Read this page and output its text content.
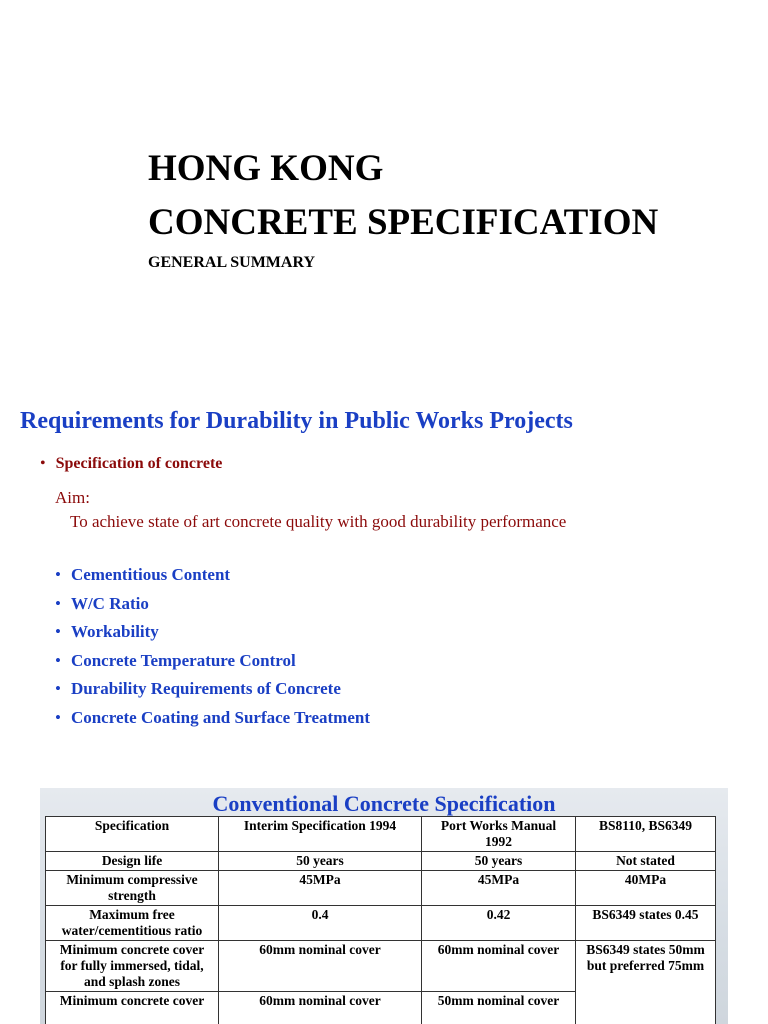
HONG KONG
CONCRETE SPECIFICATION
GENERAL SUMMARY
Requirements for Durability in Public Works Projects
• Specification of concrete
Aim:
To achieve state of art concrete quality with good durability performance
• Cementitious Content
• W/C Ratio
• Workability
• Concrete Temperature Control
• Durability Requirements of Concrete
• Concrete Coating and Surface Treatment
Conventional Concrete Specification
Specification	Interim Specification 1994	Port Works Manual 1992	BS8110, BS6349
Design life	50 years	50 years	Not stated
Minimum compressive strength	45MPa	45MPa	40MPa
Maximum free water/cementitious ratio	0.4	0.42	BS6349 states 0.45
Minimum concrete cover for fully immersed, tidal, and splash zones	60mm nominal cover	60mm nominal cover	BS6349 states 50mm but preferred 75mm
Minimum concrete cover	60mm nominal cover	50mm nominal cover	
